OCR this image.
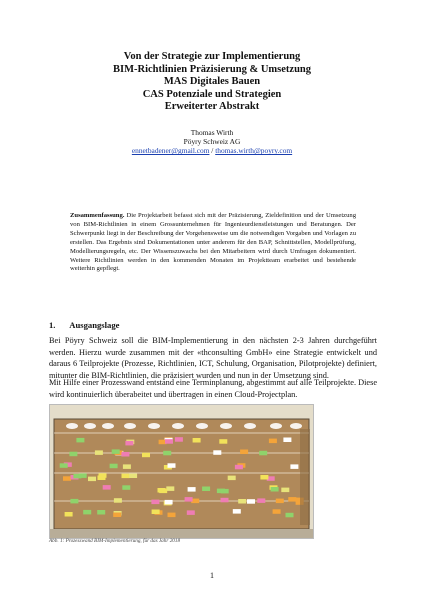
Von der Strategie zur Implementierung
BIM-Richtlinien Präzisierung & Umsetzung
MAS Digitales Bauen
CAS Potenziale und Strategien
Erweiterter Abstrakt
Thomas Wirth
Pöyry Schweiz AG
ennetbadener@gmail.com / thomas.wirth@poyry.com
Zusammenfassung. Die Projektarbeit befasst sich mit der Präzisierung, Zieldefinition und der Umsetzung von BIM-Richtlinien in einem Grossunternehmen für Ingenieurdienstleistungen und Beratungen. Der Schwerpunkt liegt in der Beschreibung der Vorgehensweise um die notwendigen Vorgaben und Vorlagen zu erstellen. Das Ergebnis sind Dokumentationen unter anderem für den BAP, Schnittstellen, Modellprüfung, Modellierungsregeln, etc. Der Wissenszuwachs bei den Mitarbeitern wird durch Umfragen dokumentiert. Weitere Richtlinien werden in den kommenden Monaten im Projektteam erarbeitet und bestehende weiterhin gepflegt.
1. Ausgangslage
Bei Pöyry Schweiz soll die BIM-Implementierung in den nächsten 2-3 Jahren durchgeführt werden. Hierzu wurde zusammen mit der «thconsulting GmbH» eine Strategie entwickelt und daraus 6 Teilprojekte (Prozesse, Richtlinien, ICT, Schulung, Organisation, Pilotprojekte) definiert, mitunter die BIM-Richtlinien, die präzisiert wurden und nun in der Umsetzung sind.
Mit Hilfe einer Prozesswand entstand eine Terminplanung, abgestimmt auf alle Teilprojekte. Diese wird kontinuierlich überabeitet und übertragen in einen Cloud-Projectplan.
Abb. 1: Prozesswand BIM-Implementierung, für das Jahr 2018
1
